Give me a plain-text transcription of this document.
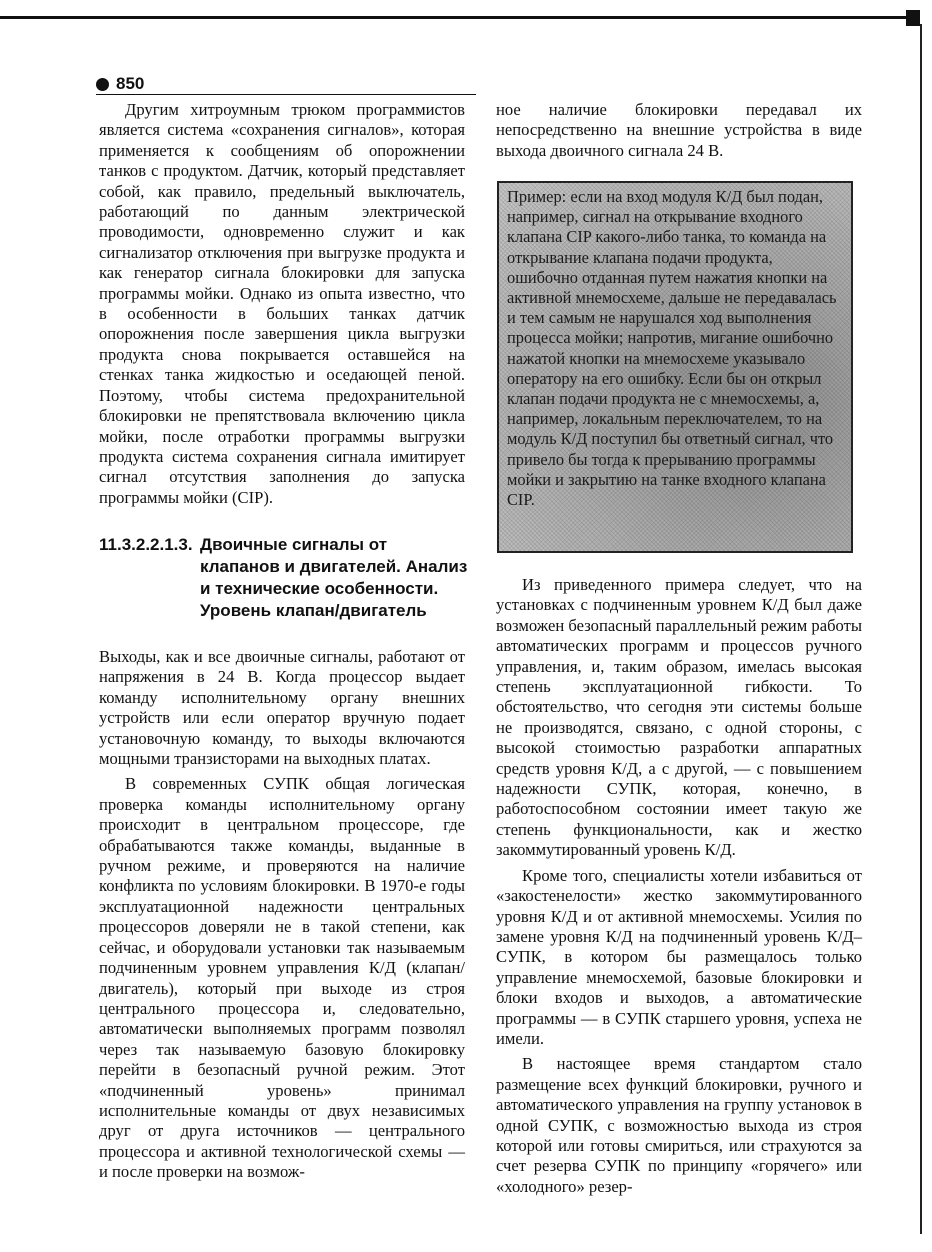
850

Другим хитроумным трюком программистов является система «сохранения сигналов», которая применяется к сообщениям об опорожнении танков с продуктом. Датчик, который представляет собой, как правило, предельный выключатель, работающий по данным электрической проводимости, одновременно служит и как сигнализатор отключения при выгрузке продукта и как генератор сигнала блокировки для запуска программы мойки. Однако из опыта известно, что в особенности в больших танках датчик опорожнения после завершения цикла выгрузки продукта снова покрывается оставшейся на стенках танка жидкостью и оседающей пеной. Поэтому, чтобы система предохранительной блокировки не препятствовала включению цикла мойки, после отработки программы выгрузки продукта система сохранения сигнала имитирует сигнал отсутствия заполнения до запуска программы мойки (CIP).

11.3.2.2.1.3. Двоичные сигналы от клапанов и двигателей. Анализ и технические особенности. Уровень клапан/двигатель

Выходы, как и все двоичные сигналы, работают от напряжения в 24 В. Когда процессор выдает команду исполнительному органу внешних устройств или если оператор вручную подает установочную команду, то выходы включаются мощными транзисторами на выходных платах.

В современных СУПК общая логическая проверка команды исполнительному органу происходит в центральном процессоре, где обрабатываются также команды, выданные в ручном режиме, и проверяются на наличие конфликта по условиям блокировки. В 1970-е годы эксплуатационной надежности центральных процессоров доверяли не в такой степени, как сейчас, и оборудовали установки так называемым подчиненным уровнем управления К/Д (клапан/двигатель), который при выходе из строя центрального процессора и, следовательно, автоматически выполняемых программ позволял через так называемую базовую блокировку перейти в безопасный ручной режим. Этот «подчиненный уровень» принимал исполнительные команды от двух независимых друг от друга источников — центрального процессора и активной технологической схемы — и после проверки на возмож-

ное наличие блокировки передавал их непосредственно на внешние устройства в виде выхода двоичного сигнала 24 В.

Пример: если на вход модуля К/Д был подан, например, сигнал на открывание входного клапана CIP какого-либо танка, то команда на открывание клапана подачи продукта, ошибочно отданная путем нажатия кнопки на активной мнемосхеме, дальше не передавалась и тем самым не нарушался ход выполнения процесса мойки; напротив, мигание ошибочно нажатой кнопки на мнемосхеме указывало оператору на его ошибку. Если бы он открыл клапан подачи продукта не с мнемосхемы, а, например, локальным переключателем, то на модуль К/Д поступил бы ответный сигнал, что привело бы тогда к прерыванию программы мойки и закрытию на танке входного клапана CIP.

Из приведенного примера следует, что на установках с подчиненным уровнем К/Д был даже возможен безопасный параллельный режим работы автоматических программ и процессов ручного управления, и, таким образом, имелась высокая степень эксплуатационной гибкости. То обстоятельство, что сегодня эти системы больше не производятся, связано, с одной стороны, с высокой стоимостью разработки аппаратных средств уровня К/Д, а с другой, — с повышением надежности СУПК, которая, конечно, в работоспособном состоянии имеет такую же степень функциональности, как и жестко закоммутированный уровень К/Д.

Кроме того, специалисты хотели избавиться от «закостенелости» жестко закоммутированного уровня К/Д и от активной мнемосхемы. Усилия по замене уровня К/Д на подчиненный уровень К/Д–СУПК, в котором бы размещалось только управление мнемосхемой, базовые блокировки и блоки входов и выходов, а автоматические программы — в СУПК старшего уровня, успеха не имели.

В настоящее время стандартом стало размещение всех функций блокировки, ручного и автоматического управления на группу установок в одной СУПК, с возможностью выхода из строя которой или готовы смириться, или страхуются за счет резерва СУПК по принципу «горячего» или «холодного» резер-
